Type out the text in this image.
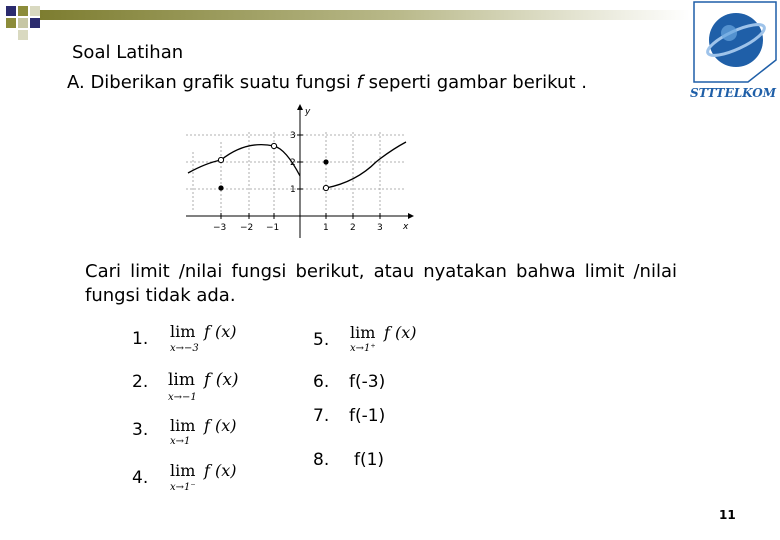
STTTELKOM
Soal Latihan
A. Diberikan grafik suatu fungsi f seperti gambar berikut .
−3 −2 −1	1 2 3
1
2
3
x
y
Cari limit /nilai fungsi berikut, atau nyatakan bahwa limit /nilai fungsi tidak ada.
1. lim f (x)
x→−3
2. lim f (x)
x→−1
3. lim f (x)
x→1
4. lim f (x)
x→1⁻
5. lim f (x)
x→1⁺
6. f(-3)
7. f(-1)
8. f(1)
11
